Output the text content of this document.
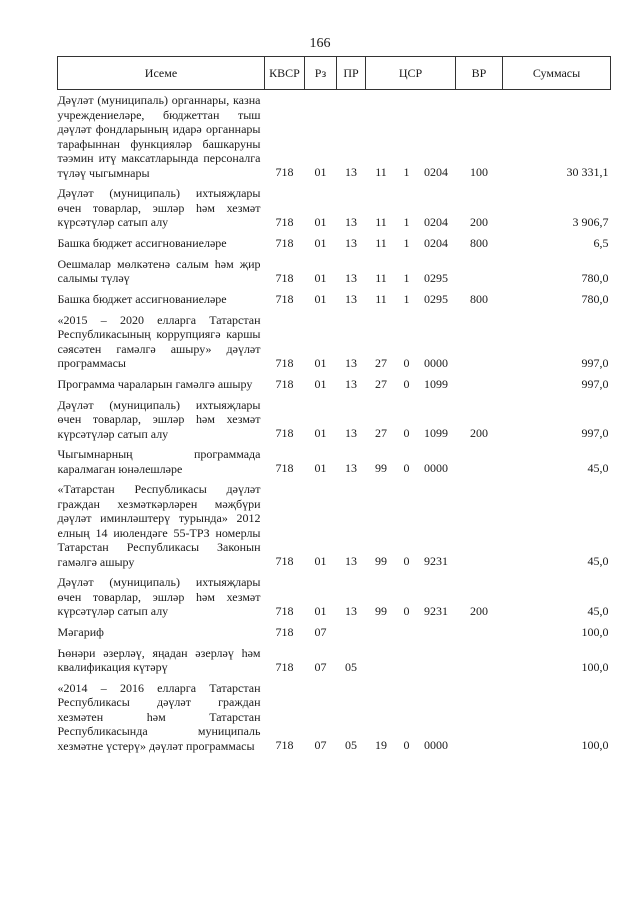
166
Исеме	КВСР	Рз	ПР	ЦСР			ВР	Суммасы
Дәүләт (муниципаль) органнары, казна учреждениеләре, бюджеттан тыш дәүләт фондларының идарә органнары тарафыннан функцияләр башкаруны тәэмин итү максатларында персоналга түләү чыгымнары	718	01	13	11	1	0204	100	30 331,1
Дәүләт (муниципаль) ихтыяҗлары өчен товарлар, эшләр һәм хезмәт күрсәтүләр сатып алу	718	01	13	11	1	0204	200	3 906,7
Башка бюджет ассигнованиеләре	718	01	13	11	1	0204	800	6,5
Оешмалар мөлкәтенә салым һәм җир салымы түләү	718	01	13	11	1	0295		780,0
Башка бюджет ассигнованиеләре	718	01	13	11	1	0295	800	780,0
«2015 – 2020 елларга Татарстан Республикасының коррупциягә каршы сәясәтен гамәлгә ашыру» дәүләт программасы	718	01	13	27	0	0000		997,0
Программа чараларын гамәлгә ашыру	718	01	13	27	0	1099		997,0
Дәүләт (муниципаль) ихтыяҗлары өчен товарлар, эшләр һәм хезмәт күрсәтүләр сатып алу	718	01	13	27	0	1099	200	997,0
Чыгымнарның программада каралмаган юнәлешләре	718	01	13	99	0	0000		45,0
«Татарстан Республикасы дәүләт граждан хезмәткәрләрен мәҗбүри дәүләт иминләштерү турында» 2012 елның 14 июлендәге 55-ТРЗ номерлы Татарстан Республикасы Законын гамәлгә ашыру	718	01	13	99	0	9231		45,0
Дәүләт (муниципаль) ихтыяҗлары өчен товарлар, эшләр һәм хезмәт күрсәтүләр сатып алу	718	01	13	99	0	9231	200	45,0
Мәгариф	718	07						100,0
Һөнәри әзерләү, яңадан әзерләү һәм квалификация күтәрү	718	07	05					100,0
«2014 – 2016 елларга Татарстан Республикасы дәүләт граждан хезмәтен һәм Татарстан Республикасында муниципаль хезмәтне үстерү» дәүләт программасы	718	07	05	19	0	0000		100,0
